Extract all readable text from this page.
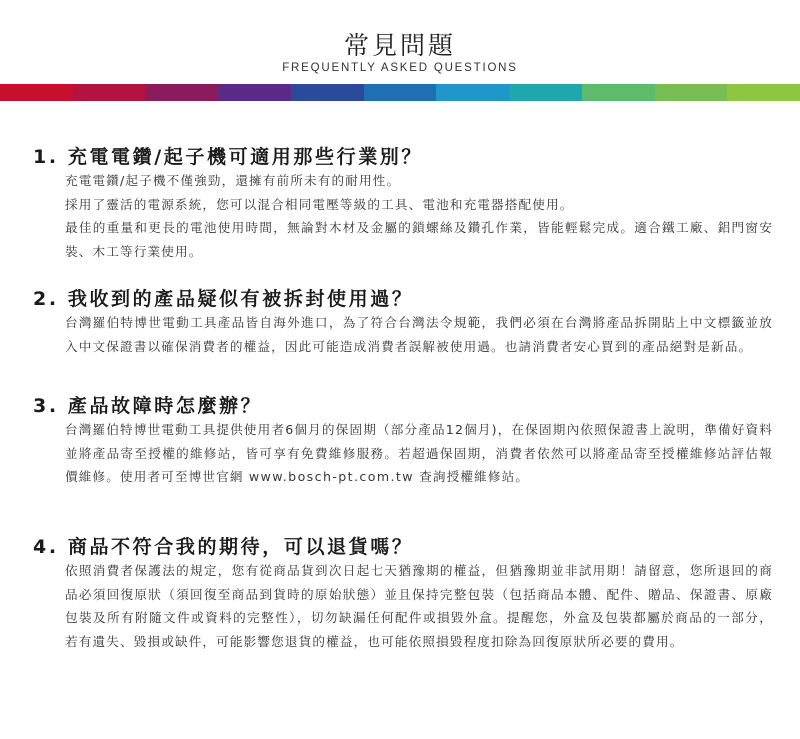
常見問題
FREQUENTLY ASKED QUESTIONS
1. 充電電鑽/起子機可適用那些行業別？

充電電鑽/起子機不僅強勁，還擁有前所未有的耐用性。

採用了靈活的電源系統，您可以混合相同電壓等級的工具、電池和充電器搭配使用。

最佳的重量和更長的電池使用時間，無論對木材及金屬的鎖螺絲及鑽孔作業，皆能輕鬆完成。適合鐵工廠、鋁門窗安裝、木工等行業使用。

2. 我收到的產品疑似有被拆封使用過？

台灣羅伯特博世電動工具產品皆自海外進口，為了符合台灣法令規範，我們必須在台灣將產品拆開貼上中文標籤並放入中文保證書以確保消費者的權益，因此可能造成消費者誤解被使用過。也請消費者安心買到的產品絕對是新品。

3. 產品故障時怎麼辦？

台灣羅伯特博世電動工具提供使用者6個月的保固期（部分產品12個月)，在保固期內依照保證書上說明，準備好資料並將產品寄至授權的維修站，皆可享有免費維修服務。若超過保固期，消費者依然可以將產品寄至授權維修站評估報價維修。使用者可至博世官網 www.bosch-pt.com.tw 查詢授權維修站。

4. 商品不符合我的期待，可以退貨嗎？

依照消費者保護法的規定，您有從商品貨到次日起七天猶豫期的權益，但猶豫期並非試用期！請留意，您所退回的商品必須回復原狀（須回復至商品到貨時的原始狀態）並且保持完整包裝（包括商品本體、配件、贈品、保證書、原廠包裝及所有附隨文件或資料的完整性），切勿缺漏任何配件或損毀外盒。提醒您，外盒及包裝都屬於商品的一部分，若有遺失、毀損或缺件，可能影響您退貨的權益，也可能依照損毀程度扣除為回復原狀所必要的費用。
